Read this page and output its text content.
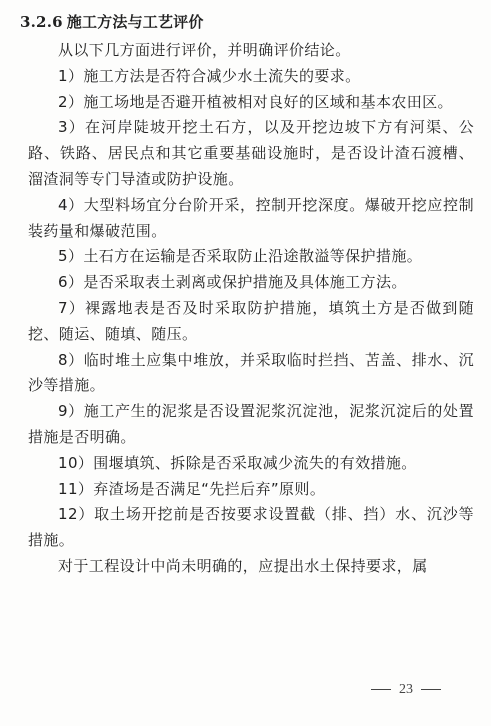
3.2.6 施工方法与工艺评价

从以下几方面进行评价，并明确评价结论。

1）施工方法是否符合减少水土流失的要求。

2）施工场地是否避开植被相对良好的区域和基本农田区。

3）在河岸陡坡开挖土石方，以及开挖边坡下方有河渠、公路、铁路、居民点和其它重要基础设施时，是否设计渣石渡槽、溜渣洞等专门导渣或防护设施。

4）大型料场宜分台阶开采，控制开挖深度。爆破开挖应控制装药量和爆破范围。

5）土石方在运输是否采取防止沿途散溢等保护措施。

6）是否采取表土剥离或保护措施及具体施工方法。

7）裸露地表是否及时采取防护措施，填筑土方是否做到随挖、随运、随填、随压。

8）临时堆土应集中堆放，并采取临时拦挡、苫盖、排水、沉沙等措施。

9）施工产生的泥浆是否设置泥浆沉淀池，泥浆沉淀后的处置措施是否明确。

10）围堰填筑、拆除是否采取减少流失的有效措施。

11）弃渣场是否满足“先拦后弃”原则。

12）取土场开挖前是否按要求设置截（排、挡）水、沉沙等措施。

对于工程设计中尚未明确的，应提出水土保持要求，属

23
